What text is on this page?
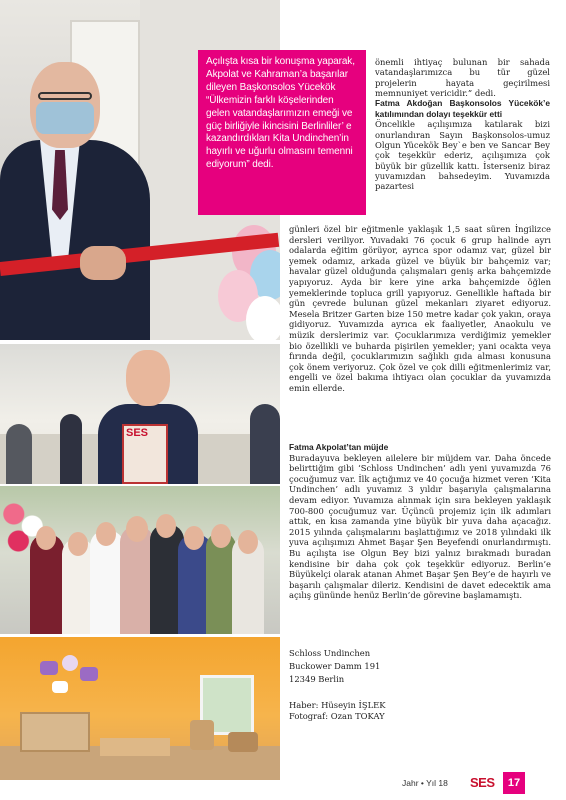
SES

Açılışta kısa bir konuşma yaparak, Akpolat ve Kahraman’a başarılar dileyen Başkonsolos Yücekök “Ülkemizin farklı köşelerinden gelen vatandaşlarımızın emeği ve güç birliğiyle ikincisini Berlinliler’ e kazandırdıkları Kita Undinchen’in hayırlı ve uğurlu olmasını temenni ediyorum” dedi.

önemli ihtiyaç bulunan bir sahada vatandaşlarımızca bu tür güzel projelerin hayata geçirilmesi memnuniyet vericidir.” dedi.

Fatma Akdoğan Başkonsolos Yücekök’e katılımından dolayı teşekkür etti

Öncelikle açılışımıza katılarak bizi onurlandıran Sayın Başkonsolos-umuz Olgun Yücekök Bey`e ben ve Sancar Bey çok teşekkür ederiz, açılışımıza çok büyük bir güzellik kattı. İsterseniz biraz yuvamızdan bahsedeyim. Yuvamızda pazartesi

günleri özel bir eğitmenle yaklaşık 1,5 saat süren İngilizce dersleri veriliyor. Yuvadaki 76 çocuk 6 grup halinde ayrı odalarda eğitim görüyor, ayrıca spor odamız var, güzel bir yemek odamız, arkada güzel ve büyük bir bahçemiz var; havalar güzel olduğunda çalışmaları geniş arka bahçemizde yapıyoruz. Ayda bir kere yine arka bahçemizde öğlen yemeklerinde topluca grill yapıyoruz. Genellikle haftada bir gün çevrede bulunan güzel mekanları ziyaret ediyoruz. Mesela Britzer Garten bize 150 metre kadar çok yakın, oraya gidiyoruz. Yuvamızda ayrıca ek faaliyetler, Anaokulu ve müzik derslerimiz var. Çocuklarımıza verdiğimiz yemekler bio özellikli ve buharda pişirilen yemekler; yani ocakta veya fırında değil, çocuklarımızın sağlıklı gıda alması konusuna çok önem veriyoruz. Çok özel ve çok dilli eğitmenlerimiz var, engelli ve özel bakıma ihtiyacı olan çocuklar da yuvamızda emin ellerde.

Fatma Akpolat’tan müjde

Buradayuva bekleyen ailelere bir müjdem var. Daha öncede belirttiğim gibi ‘Schloss Undinchen’ adlı yeni yuvamızda 76 çocuğumuz var. İlk açtığımız ve 40 çocuğa hizmet veren ‘Kita Undinchen’ adlı yuvamız 3 yıldır başarıyla çalışmalarına devam ediyor. Yuvamıza alınmak için sıra bekleyen yaklaşık 700-800 çocuğumuz var. Üçüncü projemiz için ilk adımları attık, en kısa zamanda yine büyük bir yuva daha açacağız. 2015 yılında çalışmalarını başlattığımız ve 2018 yılındaki ilk yuva açılışımızı Ahmet Başar Şen Beyefendi onurlandırmıştı. Bu açılışta ise Olgun Bey bizi yalnız bırakmadı buradan kendisine bir daha çok çok teşekkür ediyoruz. Berlin’e Büyükelçi olarak atanan Ahmet Başar Şen Bey’e de hayırlı ve başarılı çalışmalar dileriz. Kendisini de davet edecektik ama açılış gününde henüz Berlin’de görevine başlamamıştı.

Schloss Undinchen
Buckower Damm 191
12349 Berlin
Haber: Hüseyin İŞLEK
Fotograf: Ozan TOKAY
Jahr • Yıl 18 SES	17
